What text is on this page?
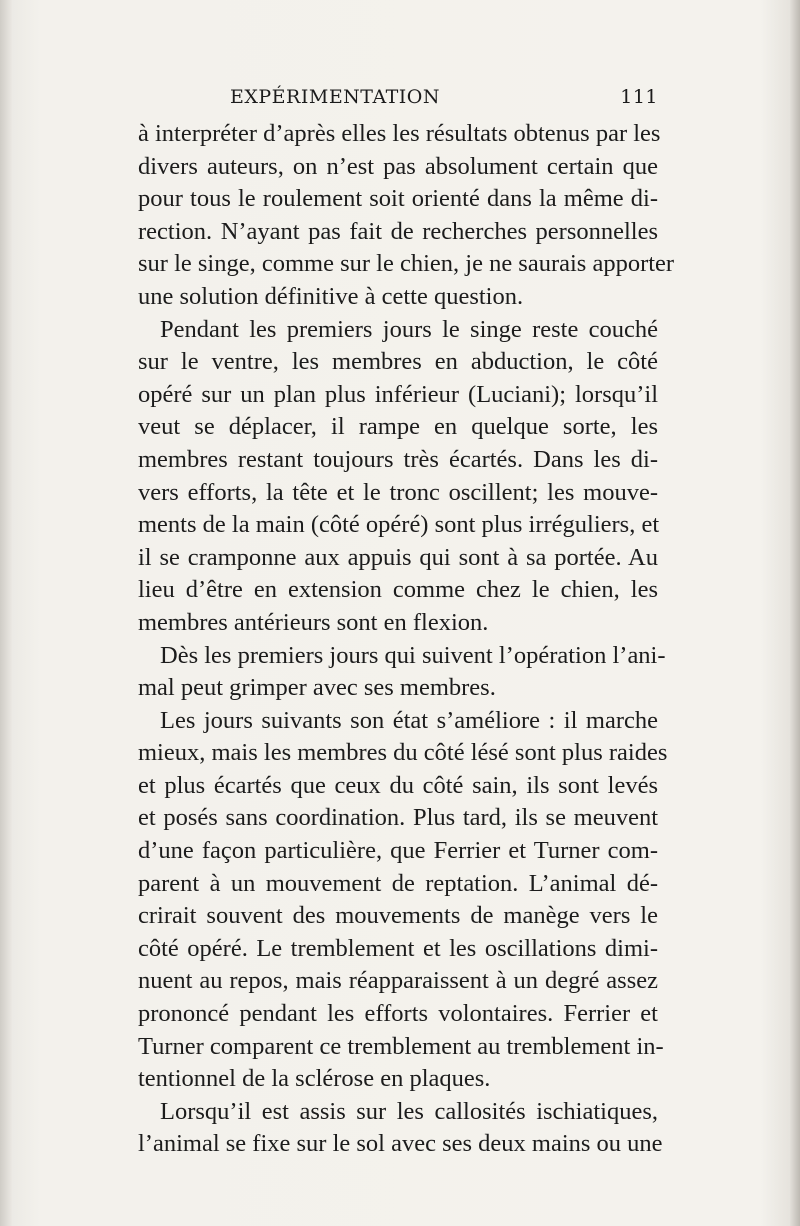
EXPÉRIMENTATION	111
à interpréter d’après elles les résultats obtenus par les
divers auteurs, on n’est pas absolument certain que
pour tous le roulement soit orienté dans la même di-
rection. N’ayant pas fait de recherches personnelles
sur le singe, comme sur le chien, je ne saurais apporter
une solution définitive à cette question.
Pendant les premiers jours le singe reste couché
sur le ventre, les membres en abduction, le côté
opéré sur un plan plus inférieur (Luciani); lorsqu’il
veut se déplacer, il rampe en quelque sorte, les
membres restant toujours très écartés. Dans les di-
vers efforts, la tête et le tronc oscillent; les mouve-
ments de la main (côté opéré) sont plus irréguliers, et
il se cramponne aux appuis qui sont à sa portée. Au
lieu d’être en extension comme chez le chien, les
membres antérieurs sont en flexion.
Dès les premiers jours qui suivent l’opération l’ani-
mal peut grimper avec ses membres.
Les jours suivants son état s’améliore : il marche
mieux, mais les membres du côté lésé sont plus raides
et plus écartés que ceux du côté sain, ils sont levés
et posés sans coordination. Plus tard, ils se meuvent
d’une façon particulière, que Ferrier et Turner com-
parent à un mouvement de reptation. L’animal dé-
crirait souvent des mouvements de manège vers le
côté opéré. Le tremblement et les oscillations dimi-
nuent au repos, mais réapparaissent à un degré assez
prononcé pendant les efforts volontaires. Ferrier et
Turner comparent ce tremblement au tremblement in-
tentionnel de la sclérose en plaques.
Lorsqu’il est assis sur les callosités ischiatiques,
l’animal se fixe sur le sol avec ses deux mains ou une
